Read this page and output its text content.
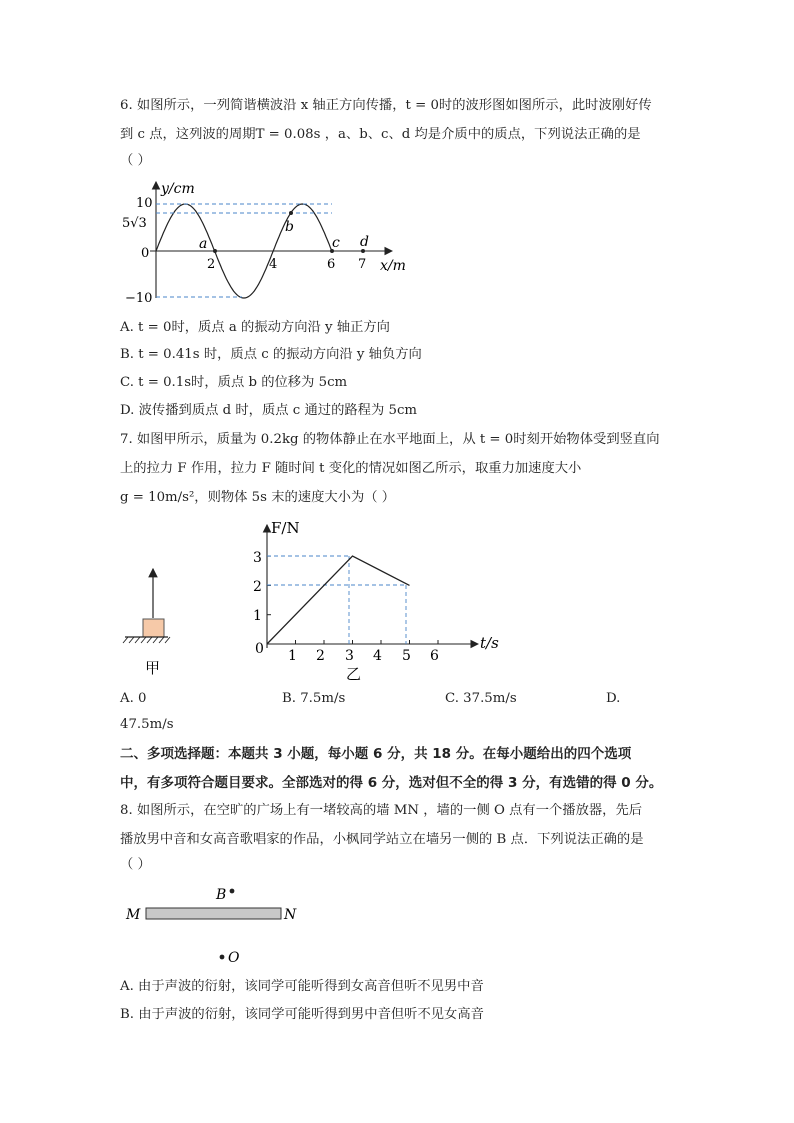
6. 如图所示，一列简谐横波沿 x 轴正方向传播，t = 0时的波形图如图所示，此时波刚好传
到 c 点，这列波的周期T = 0.08s ，a、b、c、d 均是介质中的质点，下列说法正确的是
（ ）
y/cm
x/m
10
5√3
0
−10
2	4	6 7
a
b
c d
A. t = 0时，质点 a 的振动方向沿 y 轴正方向
B. t = 0.41s 时，质点 c 的振动方向沿 y 轴负方向
C. t = 0.1s时，质点 b 的位移为 5cm
D. 波传播到质点 d 时，质点 c 通过的路程为 5cm
7. 如图甲所示，质量为 0.2kg 的物体静止在水平地面上，从 t = 0时刻开始物体受到竖直向
上的拉力 F 作用，拉力 F 随时间 t 变化的情况如图乙所示，取重力加速度大小
g = 10m/s²，则物体 5s 末的速度大小为（ ）
甲
F/N
t/s
3
2
1
0 1 2 3 4 5 6
乙
A. 0	B. 7.5m/s	C. 37.5m/s	D.
47.5m/s
二、多项选择题：本题共 3 小题，每小题 6 分，共 18 分。在每小题给出的四个选项
中，有多项符合题目要求。全部选对的得 6 分，选对但不全的得 3 分，有选错的得 0 分。
8. 如图所示，在空旷的广场上有一堵较高的墙 MN ，墙的一侧 O 点有一个播放器，先后
播放男中音和女高音歌唱家的作品，小枫同学站立在墙另一侧的 B 点．下列说法正确的是
（ ）
M	N
B
O
A. 由于声波的衍射，该同学可能听得到女高音但听不见男中音
B. 由于声波的衍射，该同学可能听得到男中音但听不见女高音
